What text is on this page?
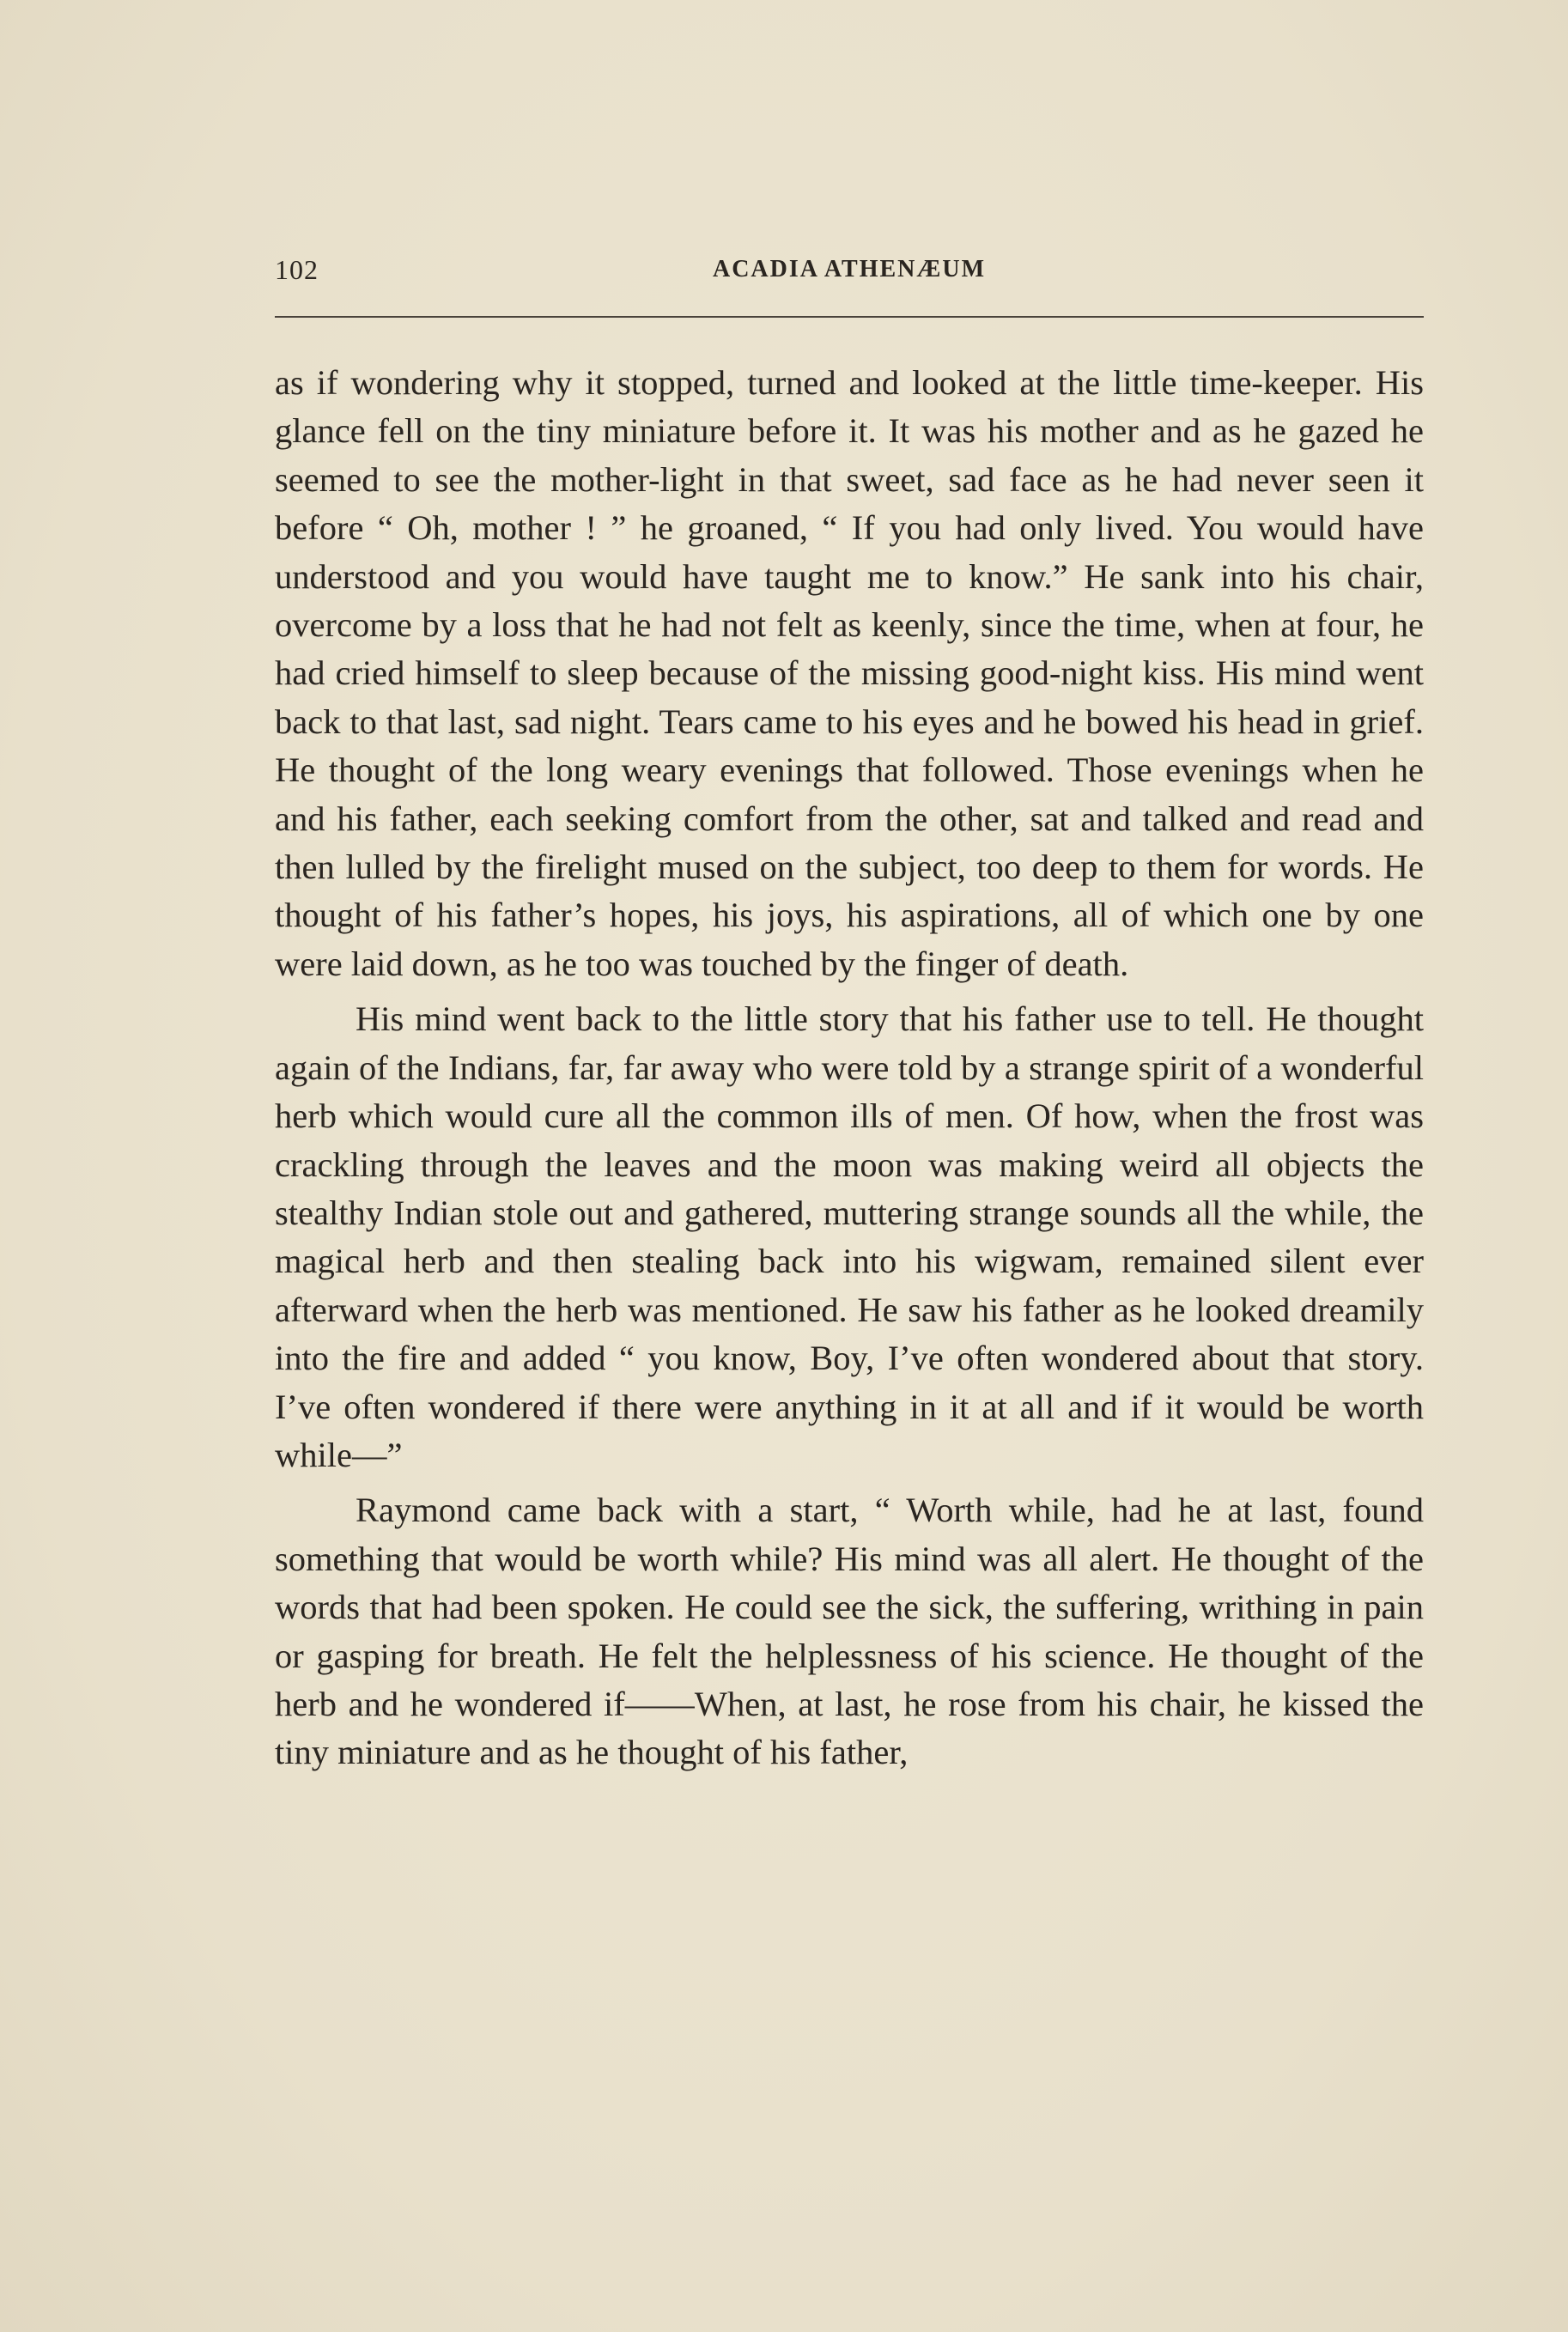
102	ACADIA ATHENÆUM

as if wondering why it stopped, turned and looked at the little time-keeper. His glance fell on the tiny miniature before it. It was his mother and as he gazed he seemed to see the mother-light in that sweet, sad face as he had never seen it before “ Oh, mother ! ” he groaned, “ If you had only lived. You would have understood and you would have taught me to know.” He sank into his chair, overcome by a loss that he had not felt as keenly, since the time, when at four, he had cried himself to sleep because of the missing good-night kiss. His mind went back to that last, sad night. Tears came to his eyes and he bowed his head in grief. He thought of the long weary evenings that followed. Those evenings when he and his father, each seeking comfort from the other, sat and talked and read and then lulled by the firelight mused on the subject, too deep to them for words. He thought of his father’s hopes, his joys, his aspirations, all of which one by one were laid down, as he too was touched by the finger of death.

His mind went back to the little story that his father use to tell. He thought again of the Indians, far, far away who were told by a strange spirit of a wonderful herb which would cure all the common ills of men. Of how, when the frost was crackling through the leaves and the moon was making weird all objects the stealthy Indian stole out and gathered, muttering strange sounds all the while, the magical herb and then stealing back into his wigwam, remained silent ever afterward when the herb was mentioned. He saw his father as he looked dreamily into the fire and added “ you know, Boy, I’ve often wondered about that story. I’ve often wondered if there were anything in it at all and if it would be worth while—”

Raymond came back with a start, “ Worth while, had he at last, found something that would be worth while? His mind was all alert. He thought of the words that had been spoken. He could see the sick, the suffering, writhing in pain or gasping for breath. He felt the helplessness of his science. He thought of the herb and he wondered if——When, at last, he rose from his chair, he kissed the tiny miniature and as he thought of his father,
